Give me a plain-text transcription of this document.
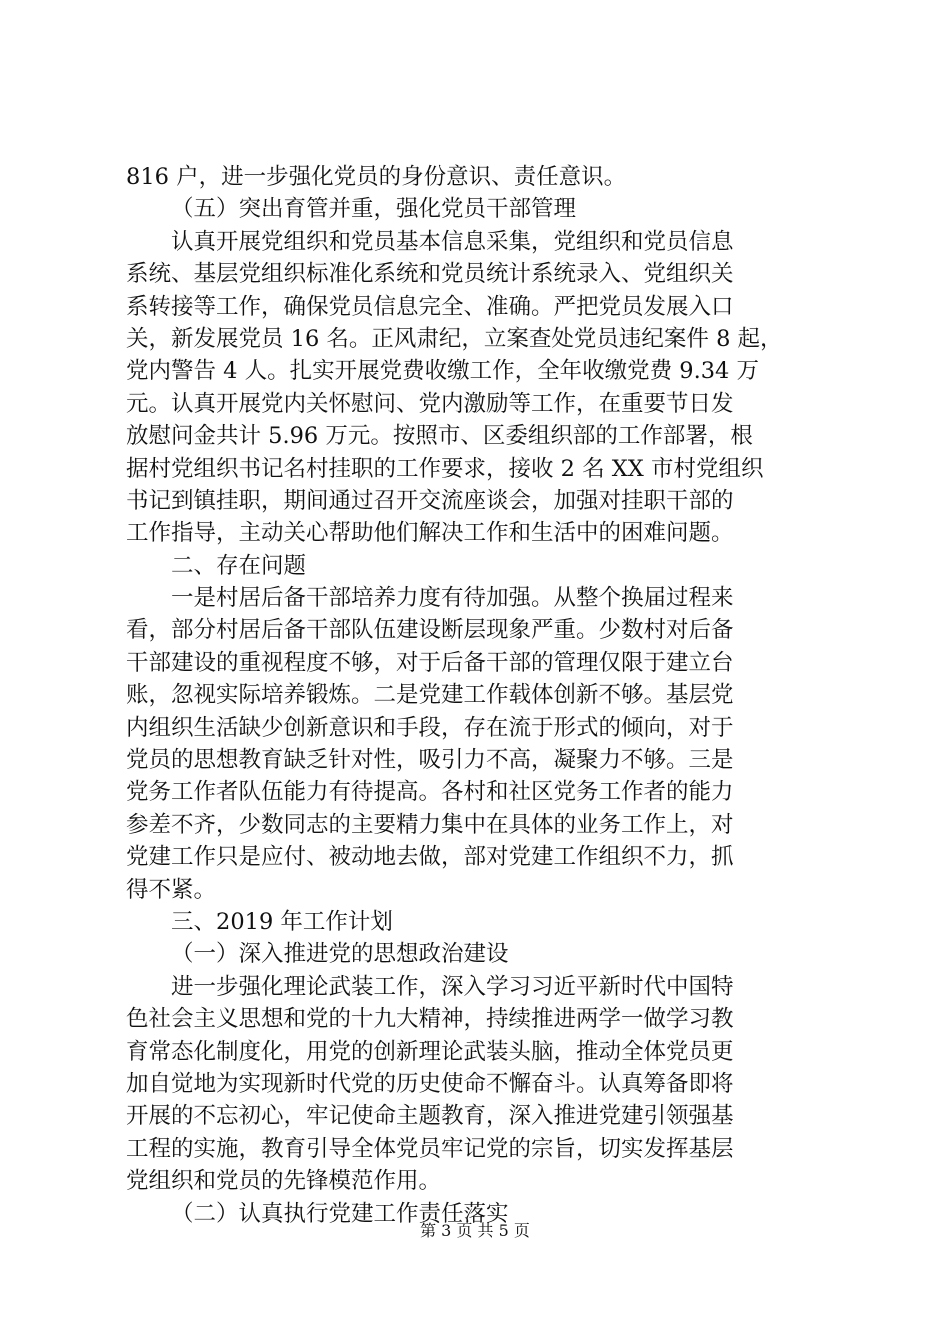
816 户，进一步强化党员的身份意识、责任意识。
（五）突出育管并重，强化党员干部管理
认真开展党组织和党员基本信息采集，党组织和党员信息
系统、基层党组织标准化系统和党员统计系统录入、党组织关
系转接等工作，确保党员信息完全、准确。严把党员发展入口
关，新发展党员 16 名。正风肃纪，立案查处党员违纪案件 8 起，
党内警告 4 人。扎实开展党费收缴工作，全年收缴党费 9.34 万
元。认真开展党内关怀慰问、党内激励等工作，在重要节日发
放慰问金共计 5.96 万元。按照市、区委组织部的工作部署，根
据村党组织书记名村挂职的工作要求，接收 2 名 XX 市村党组织
书记到镇挂职，期间通过召开交流座谈会，加强对挂职干部的
工作指导，主动关心帮助他们解决工作和生活中的困难问题。
二、存在问题
一是村居后备干部培养力度有待加强。从整个换届过程来
看，部分村居后备干部队伍建设断层现象严重。少数村对后备
干部建设的重视程度不够，对于后备干部的管理仅限于建立台
账，忽视实际培养锻炼。二是党建工作载体创新不够。基层党
内组织生活缺少创新意识和手段，存在流于形式的倾向，对于
党员的思想教育缺乏针对性，吸引力不高，凝聚力不够。三是
党务工作者队伍能力有待提高。各村和社区党务工作者的能力
参差不齐，少数同志的主要精力集中在具体的业务工作上，对
党建工作只是应付、被动地去做，部对党建工作组织不力，抓
得不紧。
三、2019 年工作计划
（一）深入推进党的思想政治建设
进一步强化理论武装工作，深入学习习近平新时代中国特
色社会主义思想和党的十九大精神，持续推进两学一做学习教
育常态化制度化，用党的创新理论武装头脑，推动全体党员更
加自觉地为实现新时代党的历史使命不懈奋斗。认真筹备即将
开展的不忘初心，牢记使命主题教育，深入推进党建引领强基
工程的实施，教育引导全体党员牢记党的宗旨，切实发挥基层
党组织和党员的先锋模范作用。
（二）认真执行党建工作责任落实
第 3 页 共 5 页
